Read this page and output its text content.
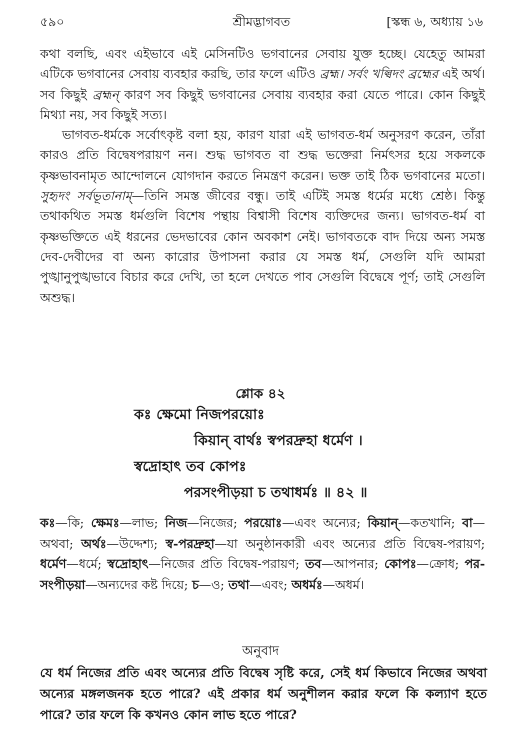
৫৯০	শ্রীমদ্ভাগবত	[স্কন্ধ ৬, অধ্যায় ১৬

কথা বলছি, এবং এইভাবে এই মেসিনটিও ভগবানের সেবায় যুক্ত হচ্ছে। যেহেতু আমরা এটিকে ভগবানের সেবায় ব্যবহার করছি, তার ফলে এটিও ব্রহ্ম। সর্বং খল্বিদং ব্রহ্মের এই অর্থ। সব কিছুই ব্রহ্মন্ কারণ সব কিছুই ভগবানের সেবায় ব্যবহার করা যেতে পারে। কোন কিছুই মিথ্যা নয়, সব কিছুই সত্য।

ভাগবত-ধর্মকে সর্বোৎকৃষ্ট বলা হয়, কারণ যারা এই ভাগবত-ধর্ম অনুসরণ করেন, তাঁরা কারও প্রতি বিদ্বেষপরায়ণ নন। শুদ্ধ ভাগবত বা শুদ্ধ ভক্তেরা নির্মৎসর হয়ে সকলকে কৃষ্ণভাবনামৃত আন্দোলনে যোগদান করতে নিমন্ত্রণ করেন। ভক্ত তাই ঠিক ভগবানের মতো। সুহৃদং সর্বভূতানাম্—তিনি সমস্ত জীবের বন্ধু। তাই এটিই সমস্ত ধর্মের মধ্যে শ্রেষ্ঠ। কিন্তু তথাকথিত সমস্ত ধর্মগুলি বিশেষ পন্থায় বিশ্বাসী বিশেষ ব্যক্তিদের জন্য। ভাগবত-ধর্ম বা কৃষ্ণভক্তিতে এই ধরনের ভেদভাবের কোন অবকাশ নেই। ভাগবতকে বাদ দিয়ে অন্য সমস্ত দেব-দেবীদের বা অন্য কারোর উপাসনা করার যে সমস্ত ধর্ম, সেগুলি যদি আমরা পুঙ্খানুপুঙ্খভাবে বিচার করে দেখি, তা হলে দেখতে পাব সেগুলি বিদ্বেষে পূর্ণ; তাই সেগুলি অশুদ্ধ।

শ্লোক ৪২
কঃ ক্ষেমো নিজপরয়োঃ
কিয়ান্ বার্থঃ স্বপরদ্রুহা ধর্মেণ ।
স্বদ্রোহাৎ তব কোপঃ
পরসংপীড়য়া চ তথাধর্মঃ ॥ ৪২ ॥
কঃ—কি; ক্ষেমঃ—লাভ; নিজ—নিজের; পরয়োঃ—এবং অন্যের; কিয়ান্—কতখানি; বা—অথবা; অর্থঃ—উদ্দেশ্য; স্ব-পরদ্রুহা—যা অনুষ্ঠানকারী এবং অন্যের প্রতি বিদ্বেষ-পরায়ণ; ধর্মেণ—ধর্মে; স্বদ্রোহাৎ—নিজের প্রতি বিদ্বেষ-পরায়ণ; তব—আপনার; কোপঃ—ক্রোধ; পর-সংপীড়য়া—অন্যদের কষ্ট দিয়ে; চ—ও; তথা—এবং; অধর্মঃ—অধর্ম।
অনুবাদ
যে ধর্ম নিজের প্রতি এবং অন্যের প্রতি বিদ্বেষ সৃষ্টি করে, সেই ধর্ম কিভাবে নিজের অথবা অন্যের মঙ্গলজনক হতে পারে? এই প্রকার ধর্ম অনুশীলন করার ফলে কি কল্যাণ হতে পারে? তার ফলে কি কখনও কোন লাভ হতে পারে?
